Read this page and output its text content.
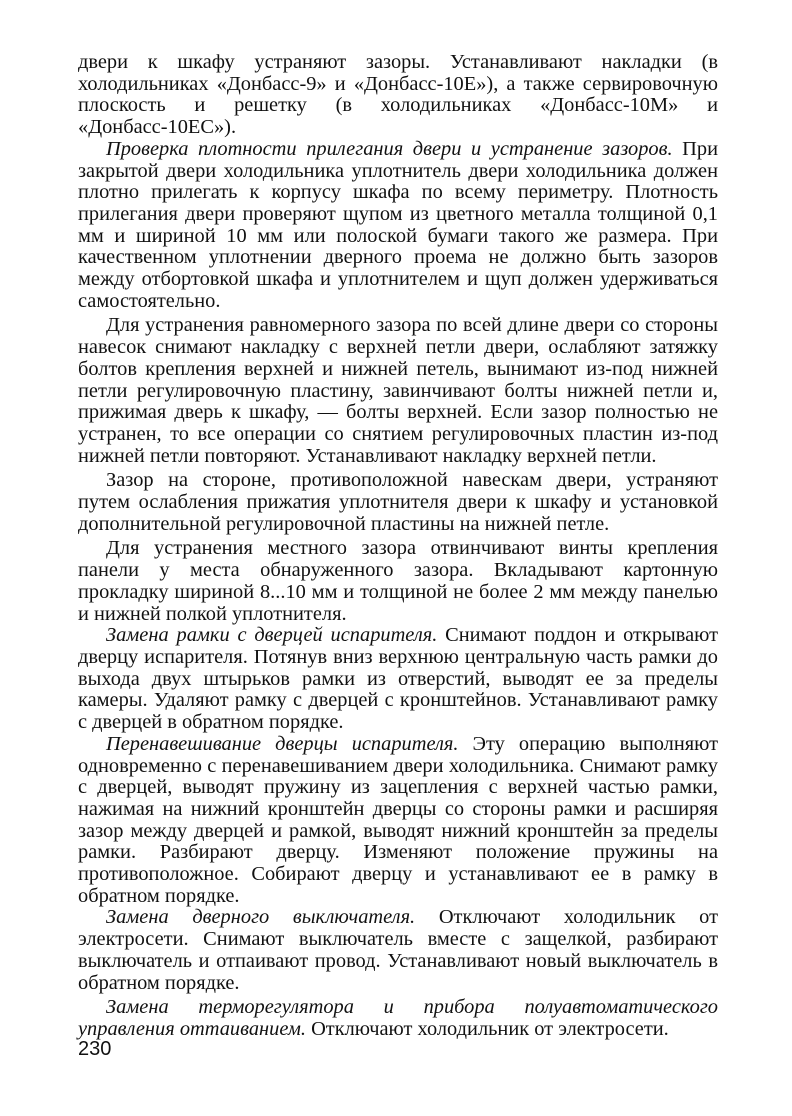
двери к шкафу устраняют зазоры. Устанавливают накладки (в холодильниках «Донбасс-9» и «Донбасс-10Е»), а также сервировочную плоскость и решетку (в холодильниках «Донбасс-10М» и «Донбасс-10ЕС»).

Проверка плотности прилегания двери и устранение зазоров. При закрытой двери холодильника уплотнитель двери холодильника должен плотно прилегать к корпусу шкафа по всему периметру. Плотность прилегания двери проверяют щупом из цветного металла толщиной 0,1 мм и шириной 10 мм или полоской бумаги такого же размера. При качественном уплотнении дверного проема не должно быть зазоров между отбортовкой шкафа и уплотнителем и щуп должен удерживаться самостоятельно.

Для устранения равномерного зазора по всей длине двери со стороны навесок снимают накладку с верхней петли двери, ослабляют затяжку болтов крепления верхней и нижней петель, вынимают из-под нижней петли регулировочную пластину, завинчивают болты нижней петли и, прижимая дверь к шкафу, — болты верхней. Если зазор полностью не устранен, то все операции со снятием регулировочных пластин из-под нижней петли повторяют. Устанавливают накладку верхней петли.

Зазор на стороне, противоположной навескам двери, устраняют путем ослабления прижатия уплотнителя двери к шкафу и установкой дополнительной регулировочной пластины на нижней петле.

Для устранения местного зазора отвинчивают винты крепления панели у места обнаруженного зазора. Вкладывают картонную прокладку шириной 8...10 мм и толщиной не более 2 мм между панелью и нижней полкой уплотнителя.

Замена рамки с дверцей испарителя. Снимают поддон и открывают дверцу испарителя. Потянув вниз верхнюю центральную часть рамки до выхода двух штырьков рамки из отверстий, выводят ее за пределы камеры. Удаляют рамку с дверцей с кронштейнов. Устанавливают рамку с дверцей в обратном порядке.

Перенавешивание дверцы испарителя. Эту операцию выполняют одновременно с перенавешиванием двери холодильника. Снимают рамку с дверцей, выводят пружину из зацепления с верхней частью рамки, нажимая на нижний кронштейн дверцы со стороны рамки и расширяя зазор между дверцей и рамкой, выводят нижний кронштейн за пределы рамки. Разбирают дверцу. Изменяют положение пружины на противоположное. Собирают дверцу и устанавливают ее в рамку в обратном порядке.

Замена дверного выключателя. Отключают холодильник от электросети. Снимают выключатель вместе с защелкой, разбирают выключатель и отпаивают провод. Устанавливают новый выключатель в обратном порядке.

Замена терморегулятора и прибора полуавтоматического управления оттаиванием. Отключают холодильник от электросети.

230
